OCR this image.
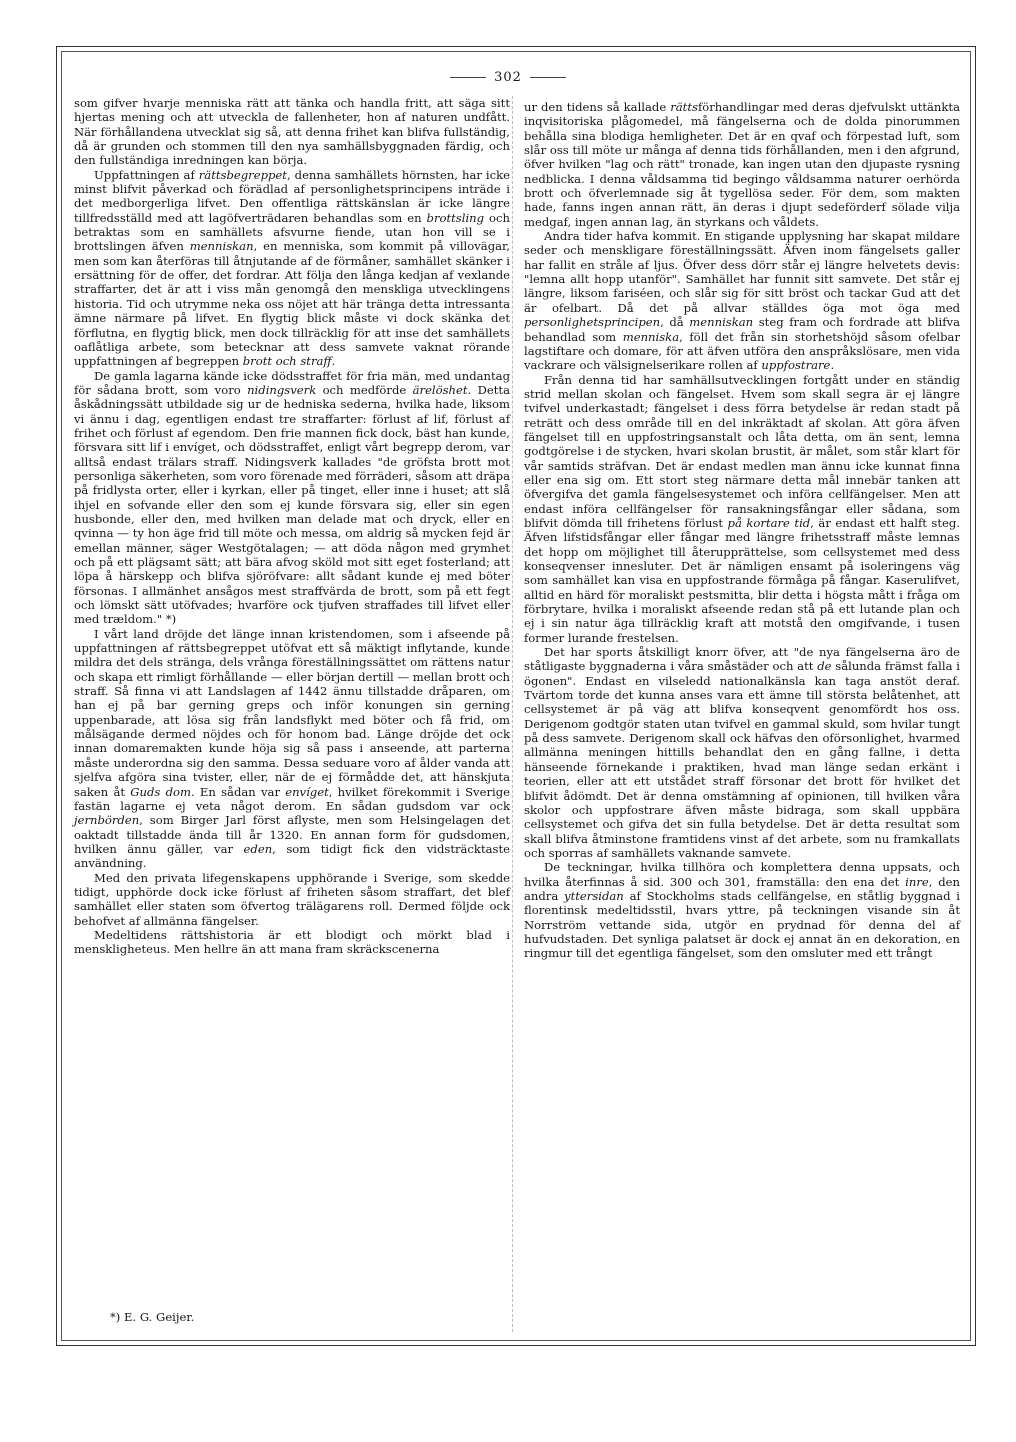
302

som gifver hvarje menniska rätt att tänka och handla fritt, att säga sitt hjertas mening och att utveckla de fallenheter, hon af naturen undfått. När förhållandena utvecklat sig så, att denna frihet kan blifva fullständig, då är grunden och stommen till den nya samhällsbyggnaden färdig, och den fullständiga inredningen kan börja.

Uppfattningen af rättsbegreppet, denna samhällets hörnsten, har icke minst blifvit påverkad och förädlad af personlighetsprincipens inträde i det medborgerliga lifvet. Den offentliga rättskänslan är icke längre tillfredsställd med att lagöfverträdaren behandlas som en brottsling och betraktas som en samhällets afsvurne fiende, utan hon vill se i brottslingen äfven menniskan, en menniska, som kommit på villovägar, men som kan återföras till åtnjutande af de förmåner, samhället skänker i ersättning för de offer, det fordrar. Att följa den långa kedjan af vexlande straffarter, det är att i viss mån genomgå den menskliga utvecklingens historia. Tid och utrymme neka oss nöjet att här tränga detta intressanta ämne närmare på lifvet. En flygtig blick måste vi dock skänka det förflutna, en flygtig blick, men dock tillräcklig för att inse det samhällets oaflåtliga arbete, som betecknar att dess samvete vaknat rörande uppfattningen af begreppen brott och straff.

De gamla lagarna kände icke dödsstraffet för fria män, med undantag för sådana brott, som voro nidingsverk och medförde ärelöshet. Detta åskådningssätt utbildade sig ur de hedniska sederna, hvilka hade, liksom vi ännu i dag, egentligen endast tre straffarter: förlust af lif, förlust af frihet och förlust af egendom. Den frie mannen fick dock, bäst han kunde, försvara sitt lif i envíget, och dödsstraffet, enligt vårt begrepp derom, var alltså endast trälars straff. Nidingsverk kallades "de gröfsta brott mot personliga säkerheten, som voro förenade med förräderi, såsom att dräpa på fridlysta orter, eller i kyrkan, eller på tinget, eller inne i huset; att slå ihjel en sofvande eller den som ej kunde försvara sig, eller sin egen husbonde, eller den, med hvilken man delade mat och dryck, eller en qvinna — ty hon äge frid till möte och messa, om aldrig så mycken fejd är emellan männer, säger Westgötalagen; — att döda någon med grymhet och på ett plägsamt sätt; att bära afvog sköld mot sitt eget fosterland; att löpa å härskepp och blifva sjöröfvare: allt sådant kunde ej med böter försonas. I allmänhet ansågos mest straffvärda de brott, som på ett fegt och lömskt sätt utöfvades; hvarföre ock tjufven straffades till lifvet eller med trældom." *)

I vårt land dröjde det länge innan kristendomen, som i afseende på uppfattningen af rättsbegreppet utöfvat ett så mäktigt inflytande, kunde mildra det dels stränga, dels vrånga föreställningssättet om rättens natur och skapa ett rimligt förhållande — eller början dertill — mellan brott och straff. Så finna vi att Landslagen af 1442 ännu tillstadde dråparen, om han ej på bar gerning greps och inför konungen sin gerning uppenbarade, att lösa sig från landsflykt med böter och få frid, om målsägande dermed nöjdes och för honom bad. Länge dröjde det ock innan domaremakten kunde höja sig så pass i anseende, att parterna måste underordna sig den samma. Dessa seduare voro af ålder vanda att sjelfva afgöra sina tvister, eller, när de ej förmådde det, att hänskjuta saken åt Guds dom. En sådan var envíget, hvilket förekommit i Sverige fastän lagarne ej veta något derom. En sådan gudsdom var ock jernbörden, som Birger Jarl först aflyste, men som Helsingelagen det oaktadt tillstadde ända till år 1320. En annan form för gudsdomen, hvilken ännu gäller, var eden, som tidigt fick den vidsträcktaste användning.

Med den privata lifegenskapens upphörande i Sverige, som skedde tidigt, upphörde dock icke förlust af friheten såsom straffart, det blef samhället eller staten som öfvertog trälägarens roll. Dermed följde ock behofvet af allmänna fängelser.

Medeltidens rättshistoria är ett blodigt och mörkt blad i menskligheteus. Men hellre än att mana fram skräckscenerna

ur den tidens så kallade rättsförhandlingar med deras djefvulskt uttänkta inqvisitoriska plågomedel, må fängelserna och de dolda pinorummen behålla sina blodiga hemligheter. Det är en qvaf och förpestad luft, som slår oss till möte ur många af denna tids förhållanden, men i den afgrund, öfver hvilken "lag och rätt" tronade, kan ingen utan den djupaste rysning nedblicka. I denna våldsamma tid begingo våldsamma naturer oerhörda brott och öfverlemnade sig åt tygellösa seder. För dem, som makten hade, fanns ingen annan rätt, än deras i djupt sedeförderf sölade vilja medgaf, ingen annan lag, än styrkans och våldets.

Andra tider hafva kommit. En stigande upplysning har skapat mildare seder och menskligare föreställningssätt. Äfven inom fängelsets galler har fallit en stråle af ljus. Öfver dess dörr står ej längre helvetets devis: "lemna allt hopp utanför". Samhället har funnit sitt samvete. Det står ej längre, liksom fariséen, och slår sig för sitt bröst och tackar Gud att det är ofelbart. Då det på allvar ställdes öga mot öga med personlighetsprincipen, då menniskan steg fram och fordrade att blifva behandlad som menniska, föll det från sin storhetshöjd såsom ofelbar lagstiftare och domare, för att äfven utföra den anspråkslösare, men vida vackrare och välsignelserikare rollen af uppfostrare.

Från denna tid har samhällsutvecklingen fortgått under en ständig strid mellan skolan och fängelset. Hvem som skall segra är ej längre tvifvel underkastadt; fängelset i dess förra betydelse är redan stadt på reträtt och dess område till en del inkräktadt af skolan. Att göra äfven fängelset till en uppfostringsanstalt och låta detta, om än sent, lemna godtgörelse i de stycken, hvari skolan brustit, är målet, som står klart för vår samtids sträfvan. Det är endast medlen man ännu icke kunnat finna eller ena sig om. Ett stort steg närmare detta mål innebär tanken att öfvergifva det gamla fängelsesystemet och införa cellfängelser. Men att endast införa cellfängelser för ransakningsfångar eller sådana, som blifvit dömda till frihetens förlust på kortare tid, är endast ett halft steg. Äfven lifstidsfångar eller fångar med längre frihetsstraff måste lemnas det hopp om möjlighet till återupprättelse, som cellsystemet med dess konseqvenser innesluter. Det är nämligen ensamt på isoleringens väg som samhället kan visa en uppfostrande förmåga på fångar. Kaserulifvet, alltid en härd för moraliskt pestsmitta, blir detta i högsta mått i fråga om förbrytare, hvilka i moraliskt afseende redan stå på ett lutande plan och ej i sin natur äga tillräcklig kraft att motstå den omgifvande, i tusen former lurande frestelsen.

Det har sports åtskilligt knorr öfver, att "de nya fängelserna äro de ståtligaste byggnaderna i våra småstäder och att de sålunda främst falla i ögonen". Endast en vilseledd nationalkänsla kan taga anstöt deraf. Tvärtom torde det kunna anses vara ett ämne till största belåtenhet, att cellsystemet är på väg att blifva konseqvent genomfördt hos oss. Derigenom godtgör staten utan tvifvel en gammal skuld, som hvilar tungt på dess samvete. Derigenom skall ock häfvas den oförsonlighet, hvarmed allmänna meningen hittills behandlat den en gång fallne, i detta hänseende förnekande i praktiken, hvad man länge sedan erkänt i teorien, eller att ett utstådet straff försonar det brott för hvilket det blifvit ådömdt. Det är denna omstämning af opinionen, till hvilken våra skolor och uppfostrare äfven måste bidraga, som skall uppbära cellsystemet och gifva det sin fulla betydelse. Det är detta resultat som skall blifva åtminstone framtidens vinst af det arbete, som nu framkallats och sporras af samhällets vaknande samvete.

De teckningar, hvilka tillhöra och komplettera denna uppsats, och hvilka återfinnas å sid. 300 och 301, framställa: den ena det inre, den andra yttersidan af Stockholms stads cellfängelse, en ståtlig byggnad i florentinsk medeltidsstil, hvars yttre, på teckningen visande sin åt Norrström vettande sida, utgör en prydnad för denna del af hufvudstaden. Det synliga palatset är dock ej annat än en dekoration, en ringmur till det egentliga fängelset, som den omsluter med ett trångt

*) E. G. Geijer.
